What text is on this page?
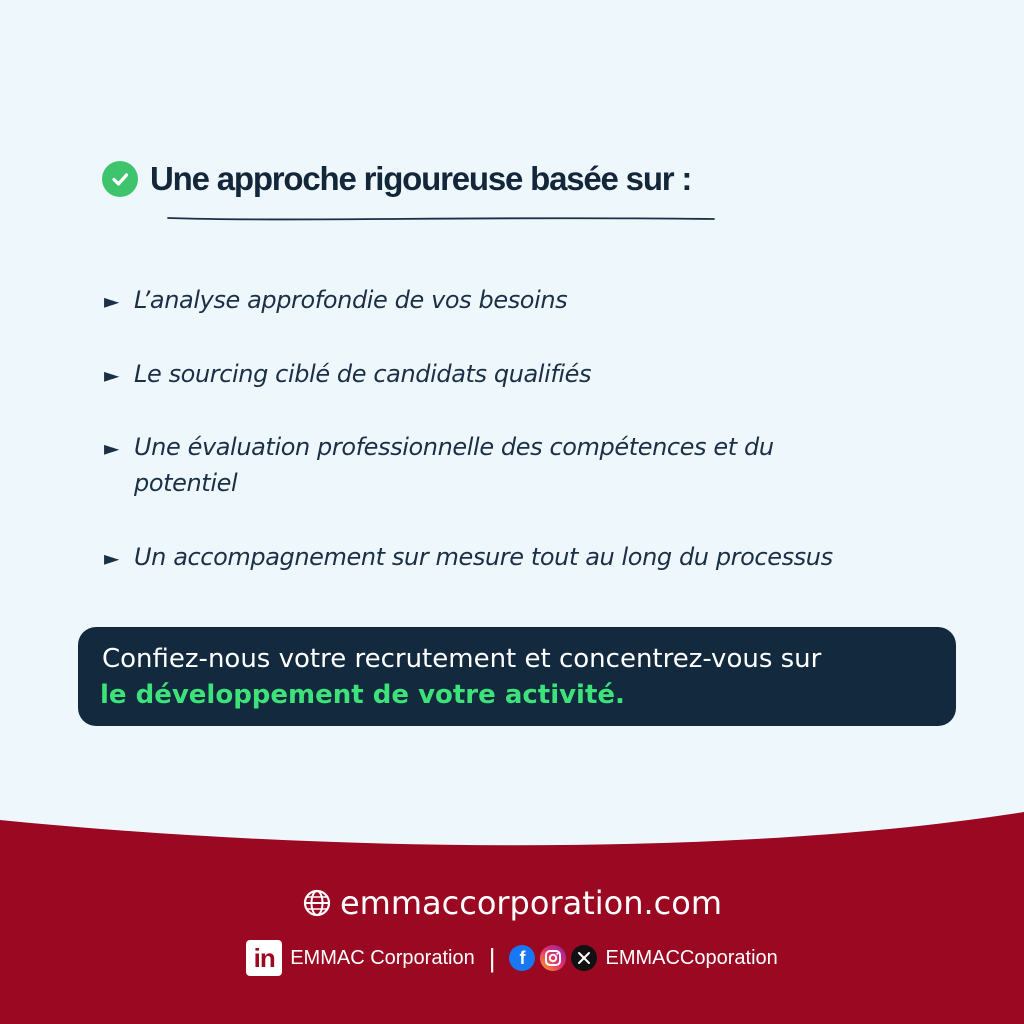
Une approche rigoureuse basée sur :
► L’analyse approfondie de vos besoins
► Le sourcing ciblé de candidats qualifiés
► Une évaluation professionnelle des compétences et du potentiel
► Un accompagnement sur mesure tout au long du processus
Confiez-nous votre recrutement et concentrez-vous sur
le développement de votre activité.
emmaccorporation.com
in EMMAC Corporation |	f	EMMACCoporation
